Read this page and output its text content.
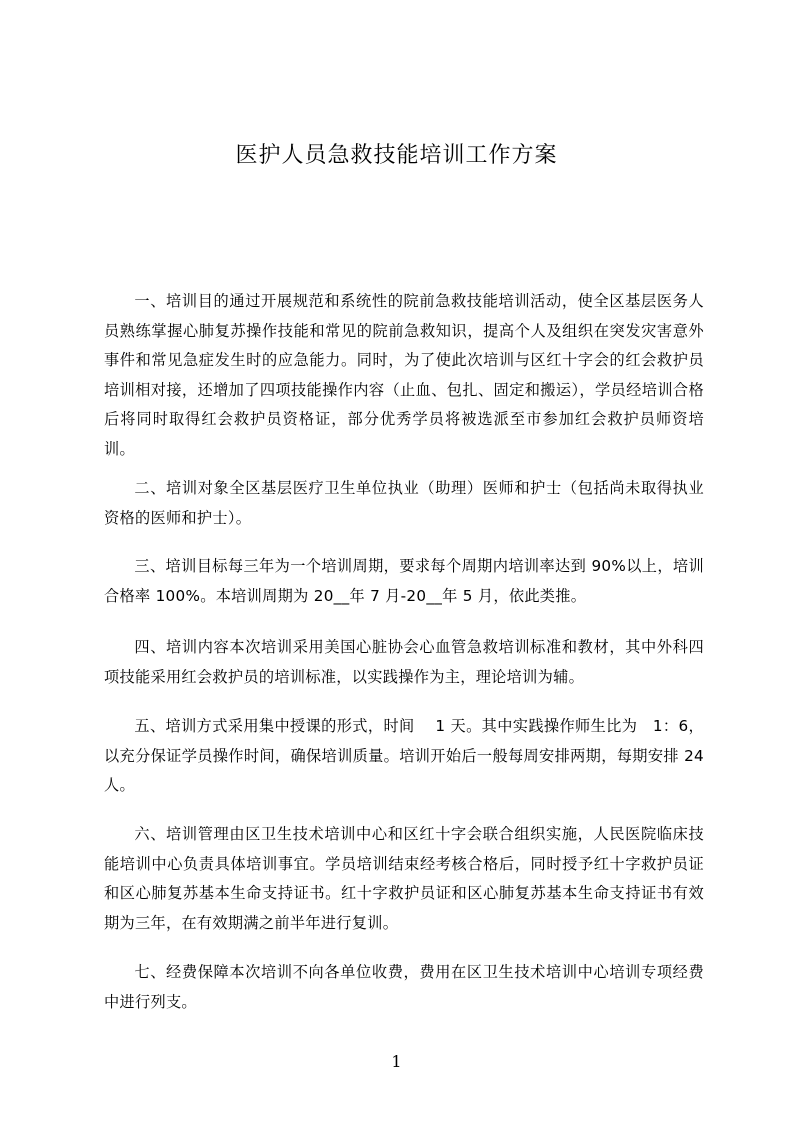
医护人员急救技能培训工作方案

一、培训目的通过开展规范和系统性的院前急救技能培训活动，使全区基层医务人员熟练掌握心肺复苏操作技能和常见的院前急救知识，提高个人及组织在突发灾害意外事件和常见急症发生时的应急能力。同时，为了使此次培训与区红十字会的红会救护员培训相对接，还增加了四项技能操作内容（止血、包扎、固定和搬运），学员经培训合格后将同时取得红会救护员资格证，部分优秀学员将被选派至市参加红会救护员师资培训。

二、培训对象全区基层医疗卫生单位执业（助理）医师和护士（包括尚未取得执业资格的医师和护士）。

三、培训目标每三年为一个培训周期，要求每个周期内培训率达到 90%以上，培训合格率 100%。本培训周期为 20__年 7 月-20__年 5 月，依此类推。

四、培训内容本次培训采用美国心脏协会心血管急救培训标准和教材，其中外科四项技能采用红会救护员的培训标准，以实践操作为主，理论培训为辅。

五、培训方式采用集中授课的形式，时间　 1 天。其中实践操作师生比为　1：6，以充分保证学员操作时间，确保培训质量。培训开始后一般每周安排两期，每期安排 24 人。

六、培训管理由区卫生技术培训中心和区红十字会联合组织实施，人民医院临床技能培训中心负责具体培训事宜。学员培训结束经考核合格后，同时授予红十字救护员证和区心肺复苏基本生命支持证书。红十字救护员证和区心肺复苏基本生命支持证书有效期为三年，在有效期满之前半年进行复训。

七、经费保障本次培训不向各单位收费，费用在区卫生技术培训中心培训专项经费中进行列支。

1
